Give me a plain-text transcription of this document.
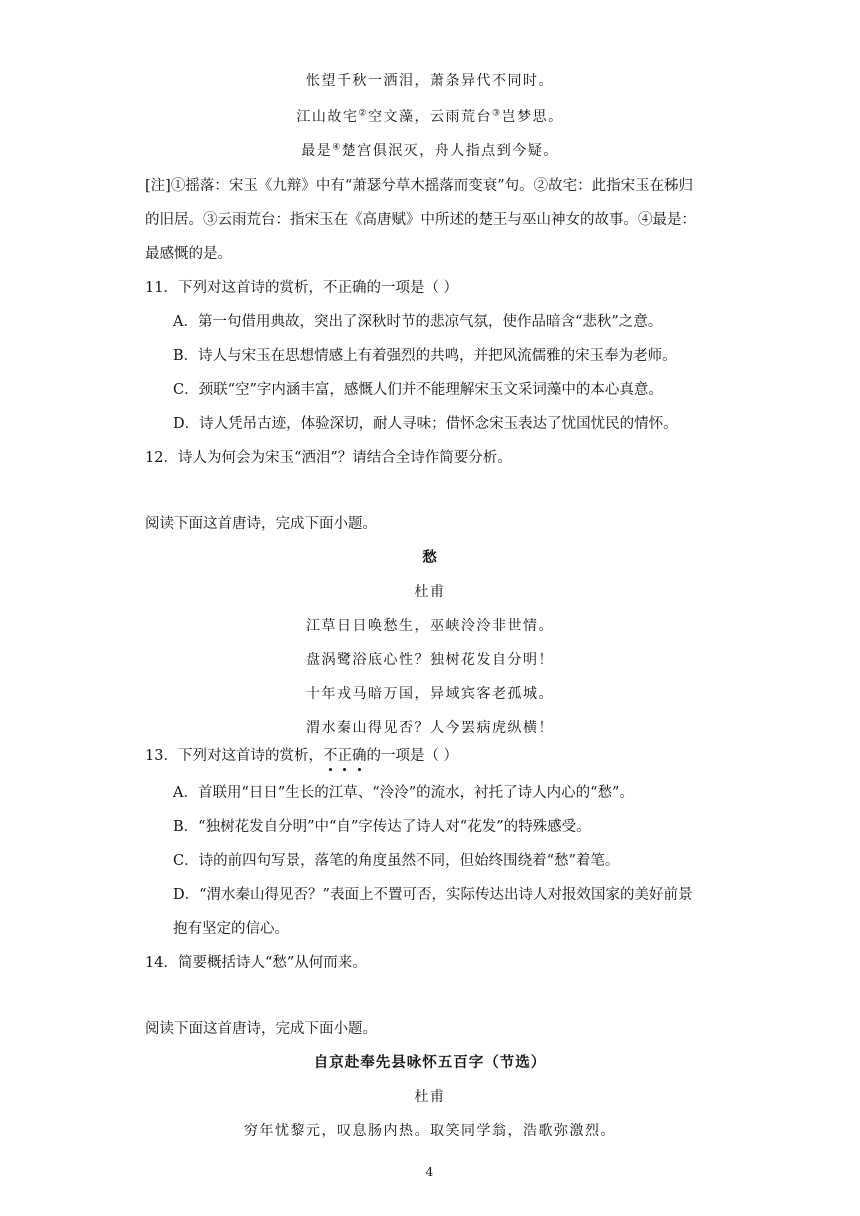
怅望千秋一洒泪，萧条异代不同时。
江山故宅②空文藻，云雨荒台③岂梦思。
最是④楚宫俱泯灭，舟人指点到今疑。
[注]①摇落：宋玉《九辩》中有“萧瑟兮草木摇落而变衰”句。②故宅：此指宋玉在秭归
的旧居。③云雨荒台：指宋玉在《高唐赋》中所述的楚王与巫山神女的故事。④最是：
最感慨的是。
11．下列对这首诗的赏析，不正确的一项是（ ）
A．第一句借用典故，突出了深秋时节的悲凉气氛，使作品暗含“悲秋”之意。
B．诗人与宋玉在思想情感上有着强烈的共鸣，并把风流儒雅的宋玉奉为老师。
C．颈联“空”字内涵丰富，感慨人们并不能理解宋玉文采词藻中的本心真意。
D．诗人凭吊古迹，体验深切，耐人寻味；借怀念宋玉表达了忧国忧民的情怀。
12．诗人为何会为宋玉“洒泪”？请结合全诗作简要分析。
阅读下面这首唐诗，完成下面小题。
愁
杜甫
江草日日唤愁生，巫峡泠泠非世情。
盘涡鹭浴底心性？独树花发自分明！
十年戎马暗万国，异域宾客老孤城。
渭水秦山得见否？人今罢病虎纵横！
13．下列对这首诗的赏析，不正确的一项是（ ）
A．首联用“日日”生长的江草、“泠泠”的流水，衬托了诗人内心的“愁”。
B．“独树花发自分明”中“自”字传达了诗人对“花发”的特殊感受。
C．诗的前四句写景，落笔的角度虽然不同，但始终围绕着“愁”着笔。
D．“渭水秦山得见否？”表面上不置可否，实际传达出诗人对报效国家的美好前景
抱有坚定的信心。
14．简要概括诗人“愁”从何而来。
阅读下面这首唐诗，完成下面小题。
自京赴奉先县咏怀五百字（节选）
杜甫
穷年忧黎元，叹息肠内热。取笑同学翁，浩歌弥激烈。
4
